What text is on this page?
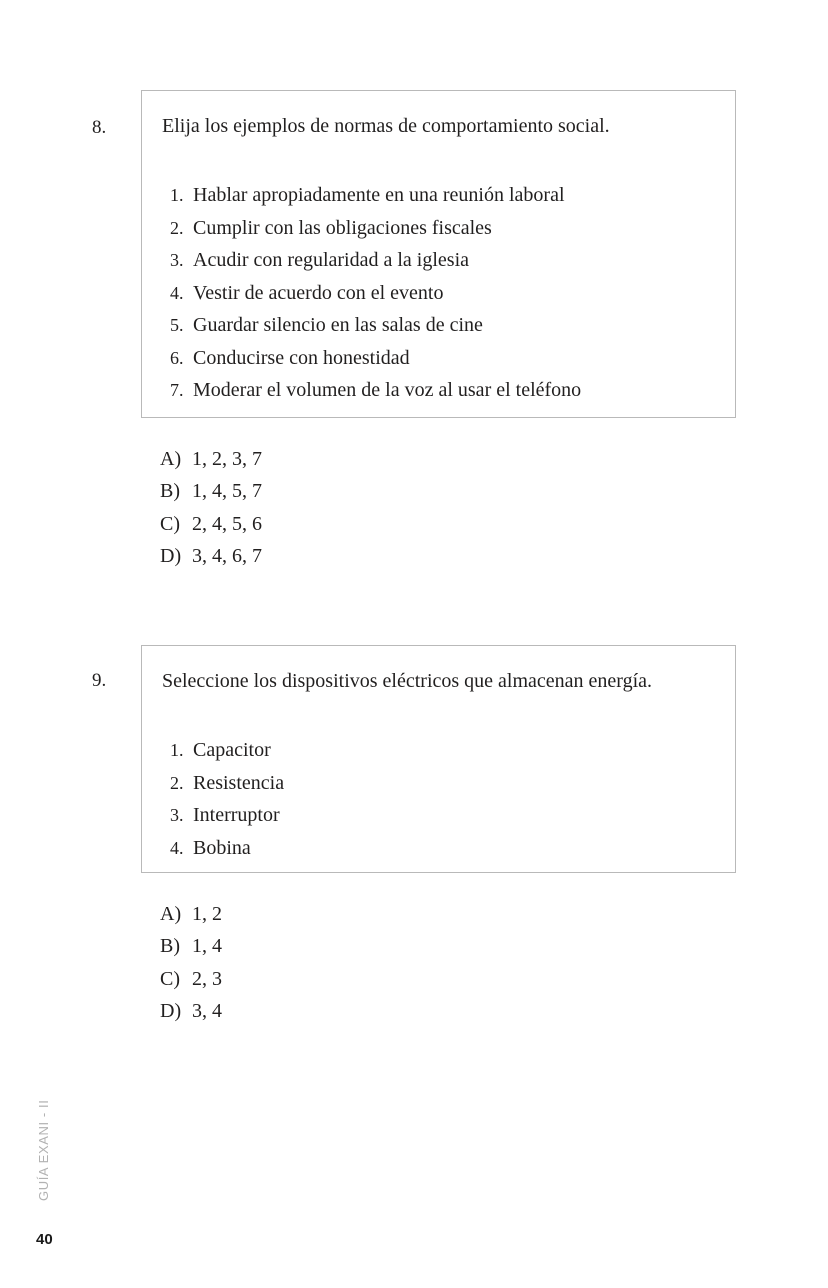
8.	Elija los ejemplos de normas de comportamiento social.

1. Hablar apropiadamente en una reunión laboral
2. Cumplir con las obligaciones fiscales
3. Acudir con regularidad a la iglesia
4. Vestir de acuerdo con el evento
5. Guardar silencio en las salas de cine
6. Conducirse con honestidad
7. Moderar el volumen de la voz al usar el teléfono
A) 1, 2, 3, 7
B) 1, 4, 5, 7
C) 2, 4, 5, 6
D) 3, 4, 6, 7
9.	Seleccione los dispositivos eléctricos que almacenan energía.

1. Capacitor
2. Resistencia
3. Interruptor
4. Bobina
A) 1, 2
B) 1, 4
C) 2, 3
D) 3, 4
GUÍA EXANI - II
40
